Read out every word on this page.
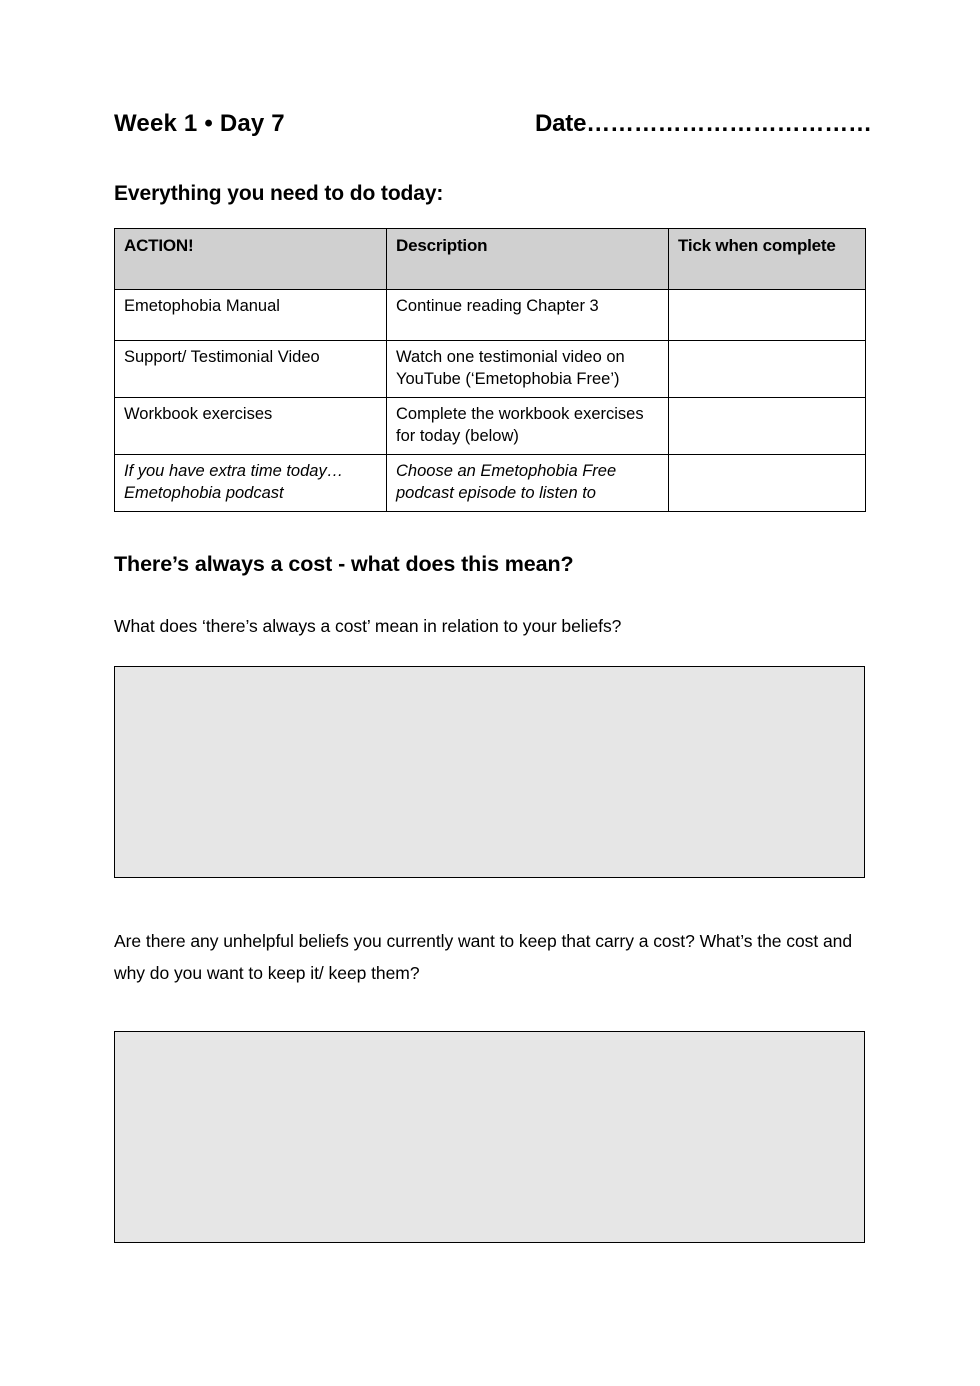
Week 1 • Day 7	Date………………………………
Everything you need to do today:
ACTION!	Description	Tick when complete
Emetophobia Manual	Continue reading Chapter 3	
Support/ Testimonial Video	Watch one testimonial video on YouTube (‘Emetophobia Free’)	
Workbook exercises	Complete the workbook exercises for today (below)	
If you have extra time today… Emetophobia podcast	Choose an Emetophobia Free podcast episode to listen to	
There’s always a cost - what does this mean?
What does ‘there’s always a cost’ mean in relation to your beliefs?
Are there any unhelpful beliefs you currently want to keep that carry a cost? What’s the cost and why do you want to keep it/ keep them?
